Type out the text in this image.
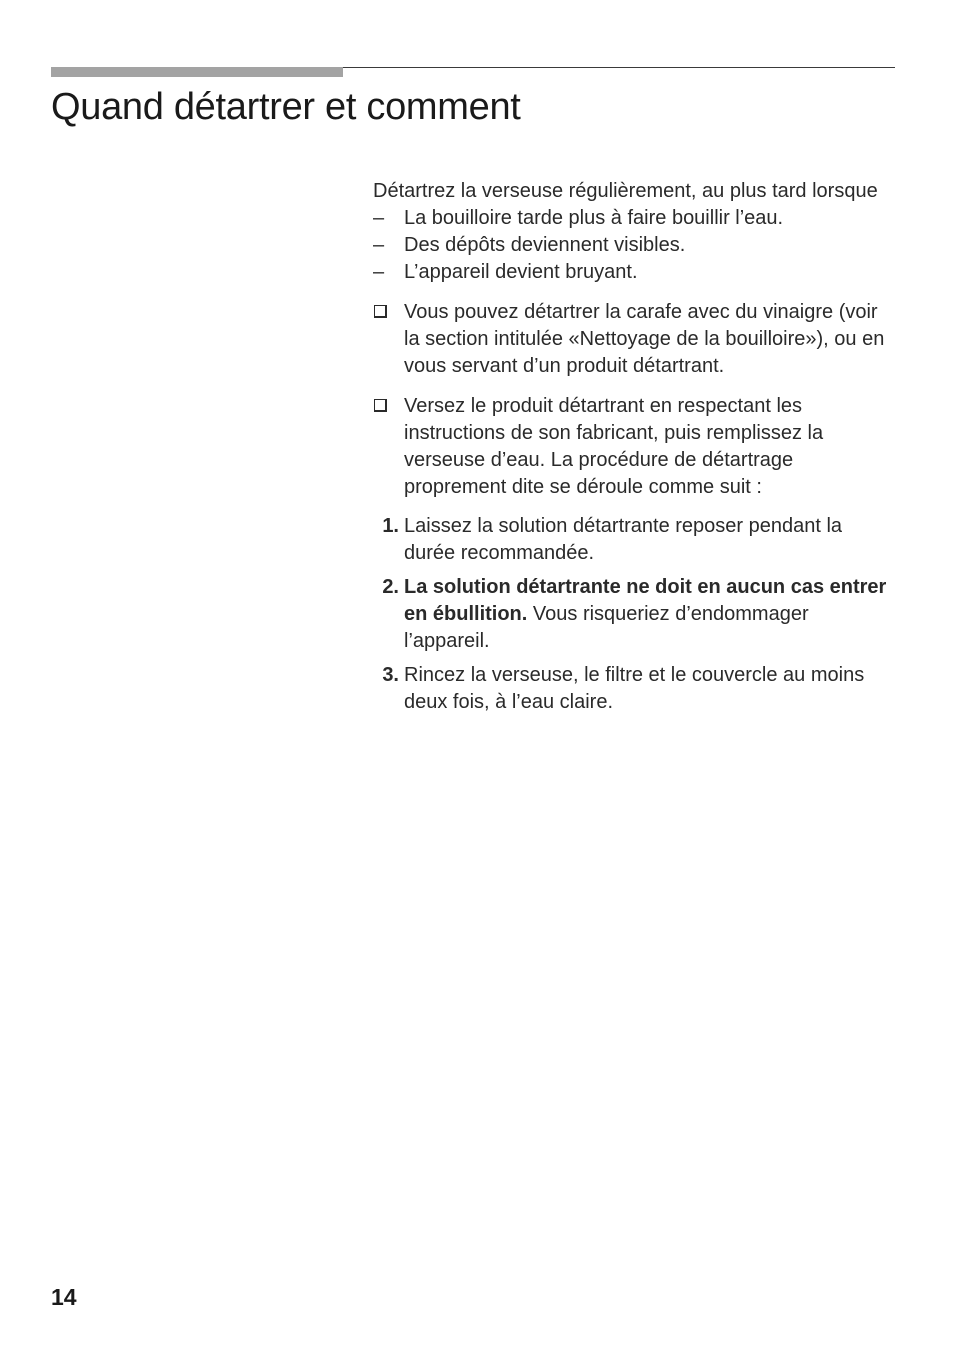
Quand détartrer et comment

Détartrez la verseuse régulièrement, au plus tard lorsque

– La bouilloire tarde plus à faire bouillir l’eau.
– Des dépôts deviennent visibles.
– L’appareil devient bruyant.
Vous pouvez détartrer la carafe avec du vinaigre (voir la section intitulée «Nettoyage de la bouilloire»), ou en vous servant d’un produit détartrant.
Versez le produit détartrant en respectant les instructions de son fabricant, puis remplissez la verseuse d’eau. La procédure de détartrage proprement dite se déroule comme suit :
1. Laissez la solution détartrante reposer pendant la durée recommandée.
2. La solution détartrante ne doit en aucun cas entrer en ébullition. Vous risqueriez d’endommager l’appareil.
3. Rincez la verseuse, le filtre et le couvercle au moins deux fois, à l’eau claire.
14
